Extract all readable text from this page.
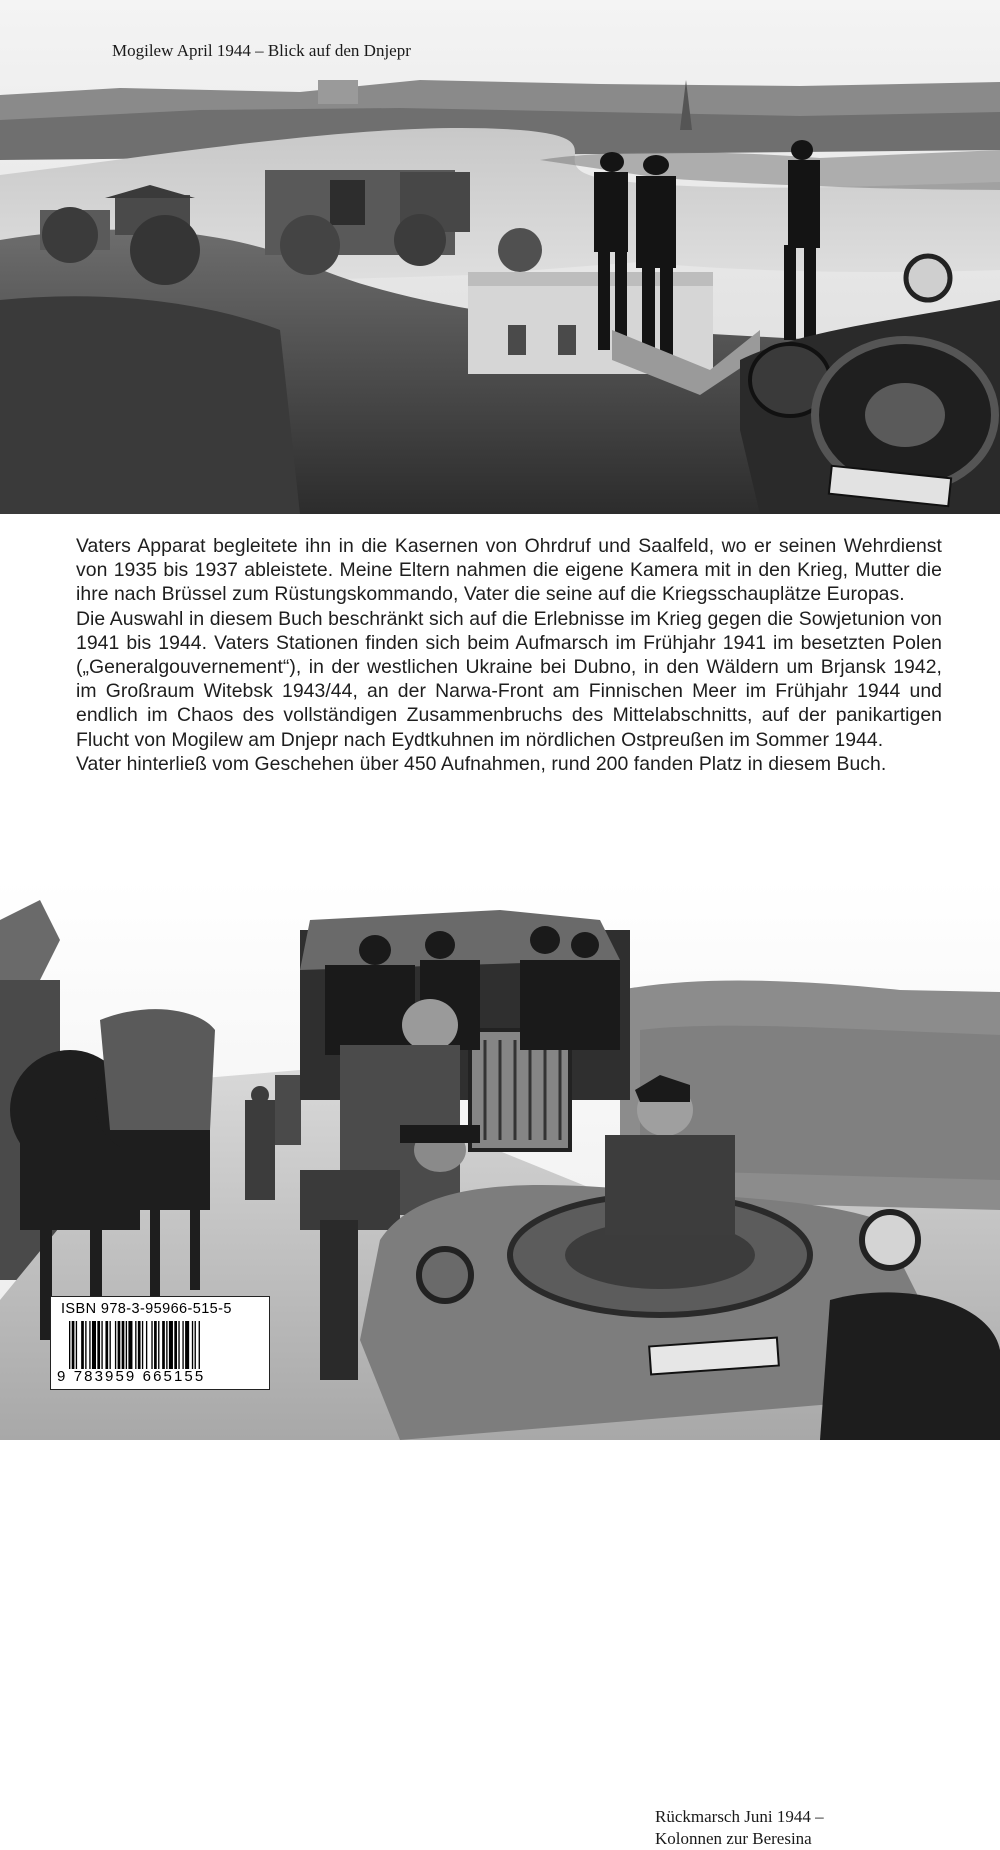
Mogilew April 1944 – Blick auf den Dnjepr

Vaters Apparat begleitete ihn in die Kasernen von Ohrdruf und Saalfeld, wo er seinen Wehrdienst von 1935 bis 1937 ableistete. Meine Eltern nahmen die eigene Kamera mit in den Krieg, Mutter die ihre nach Brüssel zum Rüstungskommando, Vater die seine auf die Kriegsschauplätze Europas.

Die Auswahl in diesem Buch beschränkt sich auf die Erlebnisse im Krieg gegen die Sowjetunion von 1941 bis 1944. Vaters Stationen finden sich beim Aufmarsch im Frühjahr 1941 im besetzten Polen („Generalgouvernement“), in der westlichen Ukraine bei Dubno, in den Wäldern um Brjansk 1942, im Großraum Witebsk 1943/44, an der Narwa-Front am Finnischen Meer im Frühjahr 1944 und endlich im Chaos des vollständigen Zusammenbruchs des Mittelabschnitts, auf der panikartigen Flucht von Mogilew am Dnjepr nach Eydtkuhnen im nördlichen Ostpreußen im Sommer 1944.

Vater hinterließ vom Geschehen über 450 Aufnahmen, rund 200 fanden Platz in diesem Buch.

Rückmarsch Juni 1944 –
Kolonnen zur Beresina
ISBN 978-3-95966-515-5
9 783959 665155
